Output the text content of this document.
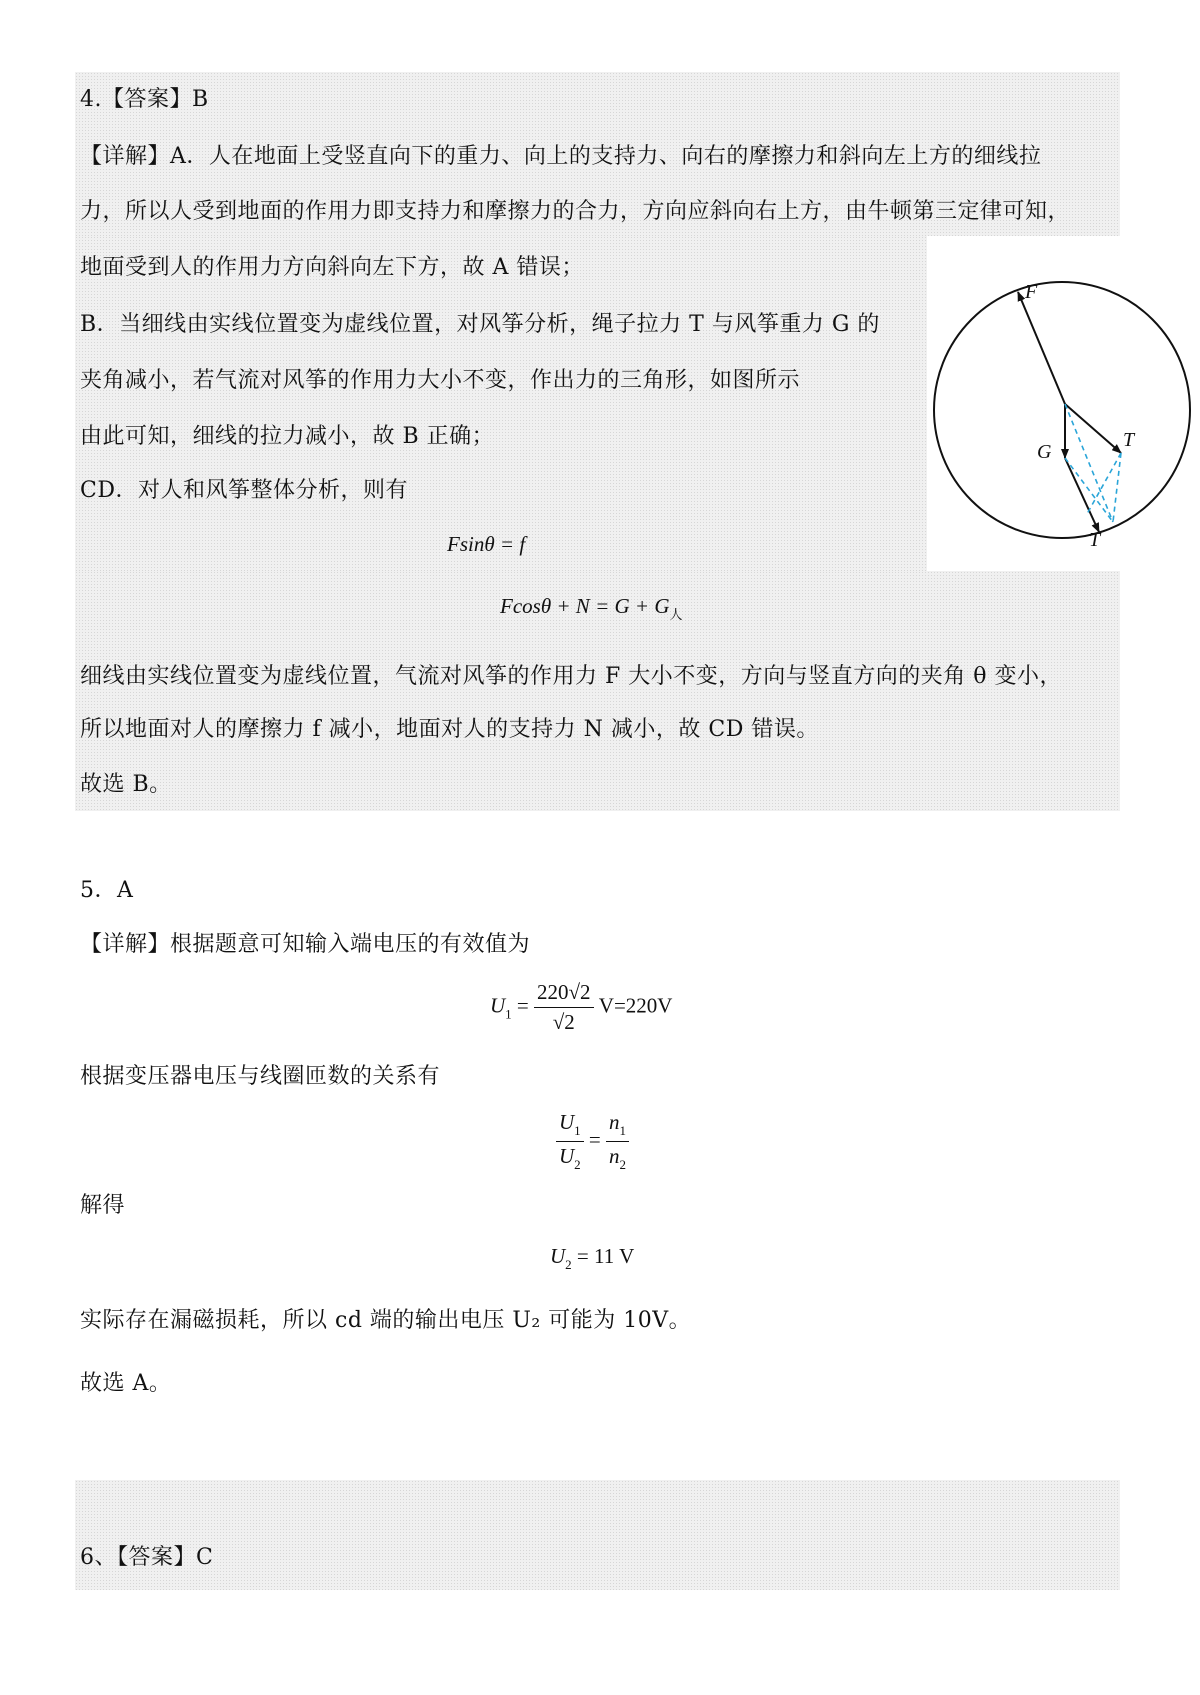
4.【答案】B
【详解】A．人在地面上受竖直向下的重力、向上的支持力、向右的摩擦力和斜向左上方的细线拉
力，所以人受到地面的作用力即支持力和摩擦力的合力，方向应斜向右上方，由牛顿第三定律可知，
地面受到人的作用力方向斜向左下方，故 A 错误；
B．当细线由实线位置变为虚线位置，对风筝分析，绳子拉力 T 与风筝重力 G 的
夹角减小，若气流对风筝的作用力大小不变，作出力的三角形，如图所示
由此可知，细线的拉力减小，故 B 正确；
CD．对人和风筝整体分析，则有
Fsinθ = f
$Fcos\theta + N = G + G_人$
细线由实线位置变为虚线位置，气流对风筝的作用力 F 大小不变，方向与竖直方向的夹角 θ 变小，
所以地面对人的摩擦力 f 减小，地面对人的支持力 N 减小，故 CD 错误。
故选 B。
F
G
T
T
5．A
【详解】根据题意可知输入端电压的有效值为
$U_1 = \frac{220√2}{√2} V=220V$
根据变压器电压与线圈匝数的关系有
$\frac{U_1}{U_2} = \frac{n_1}{n_2}$
解得
$U_2 = 11$ V
实际存在漏磁损耗，所以 cd 端的输出电压 U₂ 可能为 10V。
故选 A。
6、【答案】C
